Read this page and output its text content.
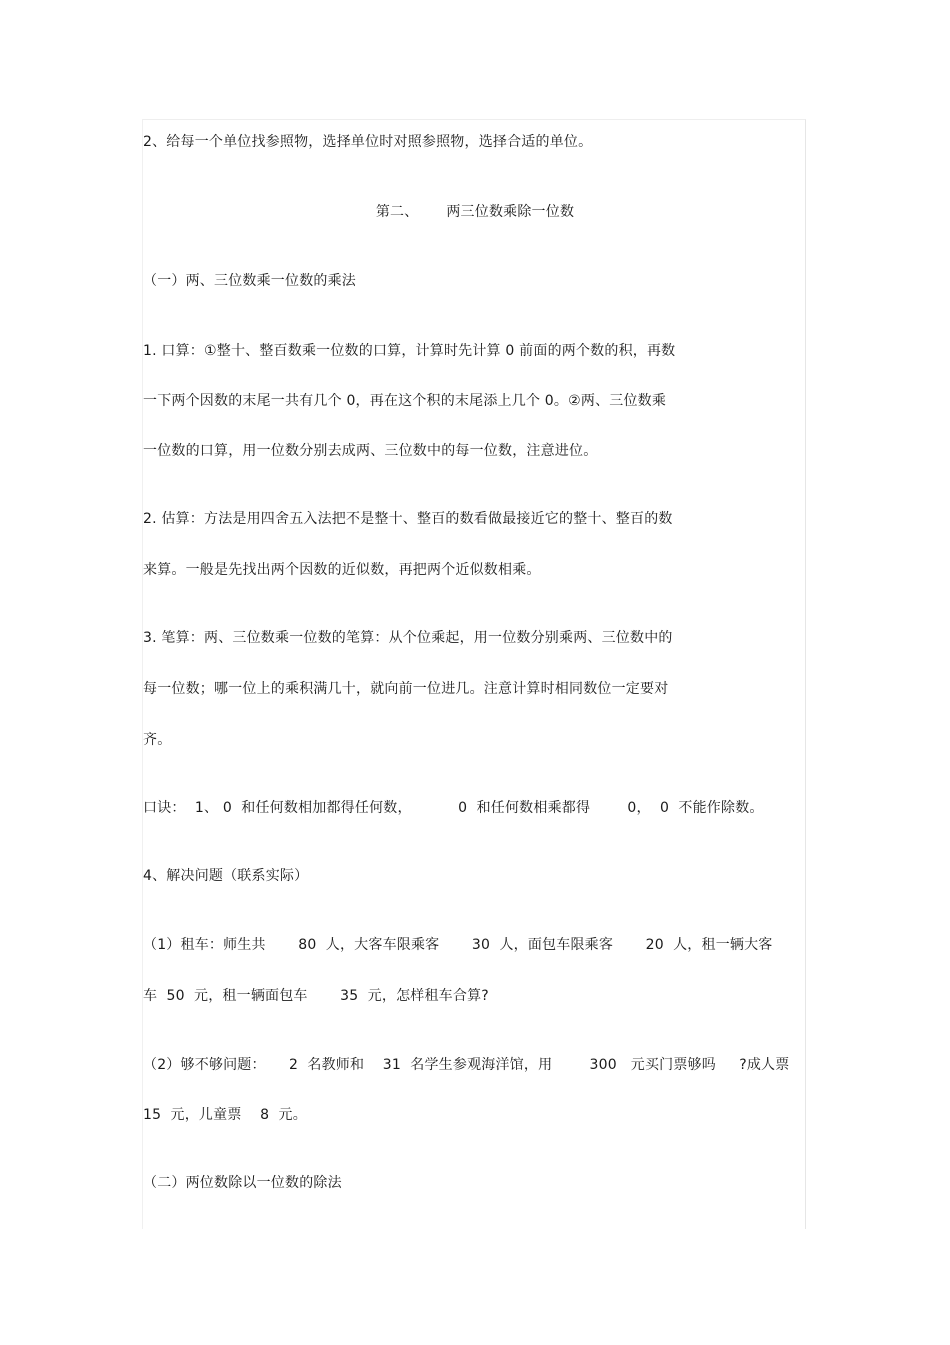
2、给每一个单位找参照物，选择单位时对照参照物，选择合适的单位。
第二、      两三位数乘除一位数
（一）两、三位数乘一位数的乘法
1. 口算：①整十、整百数乘一位数的口算，计算时先计算 0 前面的两个数的积，再数
一下两个因数的末尾一共有几个 0，再在这个积的末尾添上几个 0。②两、三位数乘
一位数的口算，用一位数分别去成两、三位数中的每一位数，注意进位。
2. 估算：方法是用四舍五入法把不是整十、整百的数看做最接近它的整十、整百的数
来算。一般是先找出两个因数的近似数，再把两个近似数相乘。
3. 笔算：两、三位数乘一位数的笔算：从个位乘起，用一位数分别乘两、三位数中的
每一位数；哪一位上的乘积满几十，就向前一位进几。注意计算时相同数位一定要对
齐。
口诀：  1、 0  和任何数相加都得任何数，          0  和任何数相乘都得        0，  0  不能作除数。
4、解决问题（联系实际）
（1）租车：师生共       80  人，大客车限乘客       30  人，面包车限乘客       20  人，租一辆大客
车  50  元，租一辆面包车       35  元，怎样租车合算?
（2）够不够问题：     2  名教师和    31  名学生参观海洋馆，用        300   元买门票够吗     ?成人票
15  元，儿童票    8  元。
（二）两位数除以一位数的除法
